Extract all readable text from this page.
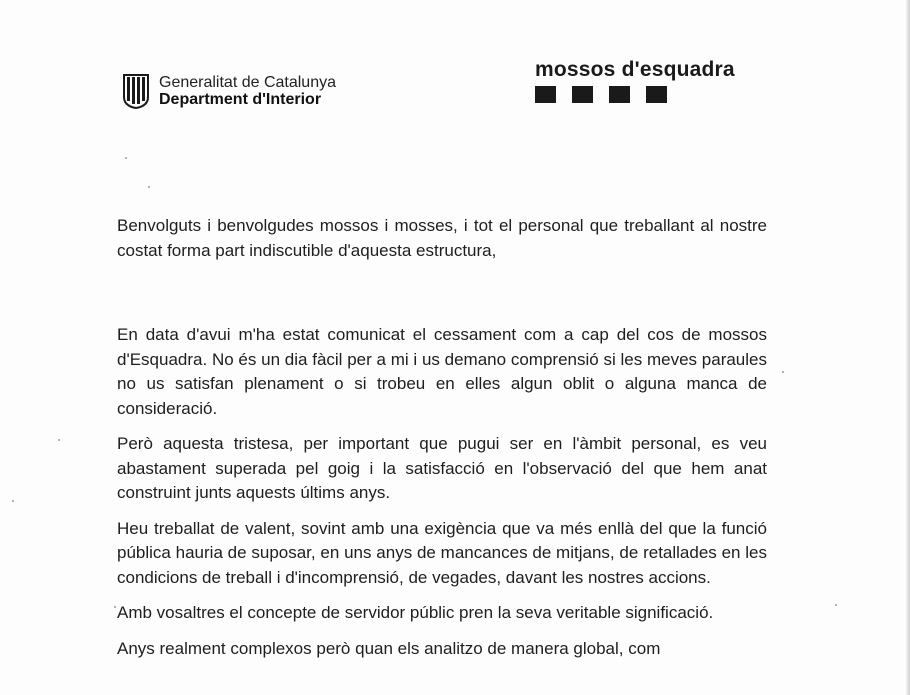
Generalitat de Catalunya
Department d'Interior
mossos d'esquadra

Benvolguts i benvolgudes mossos i mosses, i tot el personal que treballant al nostre costat forma part indiscutible d'aquesta estructura,

En data d'avui m'ha estat comunicat el cessament com a cap del cos de mossos d'Esquadra. No és un dia fàcil per a mi i us demano comprensió si les meves paraules no us satisfan plenament o si trobeu en elles algun oblit o alguna manca de consideració.

Però aquesta tristesa, per important que pugui ser en l'àmbit personal, es veu abastament superada pel goig i la satisfacció en l'observació del que hem anat construint junts aquests últims anys.

Heu treballat de valent, sovint amb una exigència que va més enllà del que la funció pública hauria de suposar, en uns anys de mancances de mitjans, de retallades en les condicions de treball i d'incomprensió, de vegades, davant les nostres accions.

Amb vosaltres el concepte de servidor públic pren la seva veritable significació.

Anys realment complexos però quan els analitzo de manera global, com
